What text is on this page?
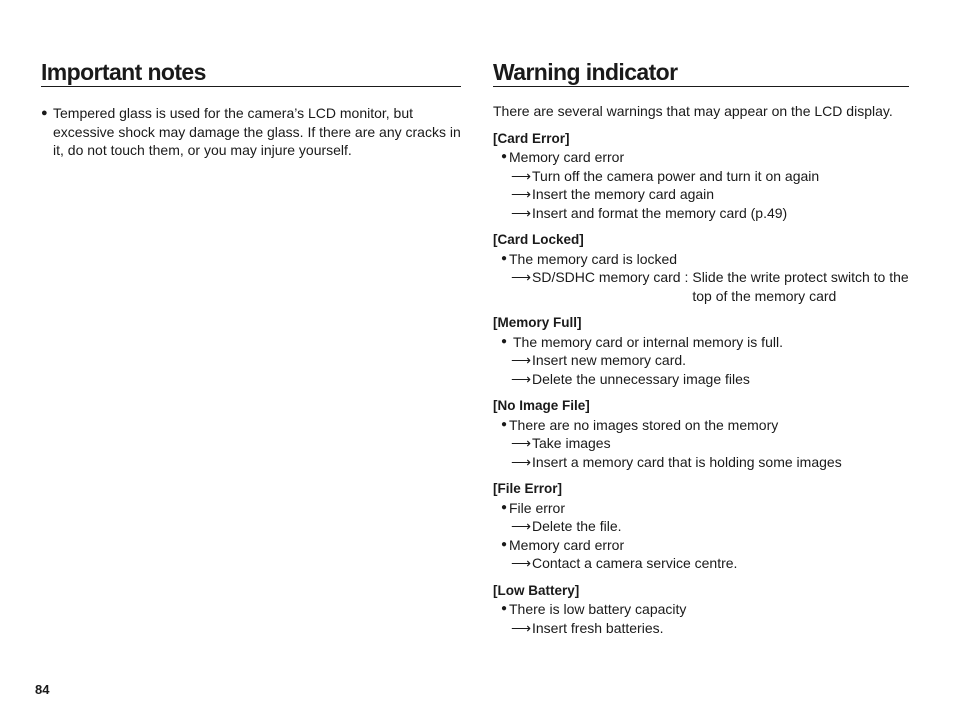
Important notes
● Tempered glass is used for the camera’s LCD monitor, but excessive shock may damage the glass. If there are any cracks in it, do not touch them, or you may injure yourself.
Warning indicator
There are several warnings that may appear on the LCD display.
[Card Error]
● Memory card error
⟶ Turn off the camera power and turn it on again
⟶ Insert the memory card again
⟶ Insert and format the memory card (p.49)
[Card Locked]
● The memory card is locked
⟶ SD/SDHC memory card : Slide the write protect switch to the top of the memory card
[Memory Full]
● The memory card or internal memory is full.
⟶ Insert new memory card.
⟶ Delete the unnecessary image files
[No Image File]
● There are no images stored on the memory
⟶ Take images
⟶ Insert a memory card that is holding some images
[File Error]
● File error
⟶ Delete the file.
● Memory card error
⟶ Contact a camera service centre.
[Low Battery]
● There is low battery capacity
⟶ Insert fresh batteries.
84
